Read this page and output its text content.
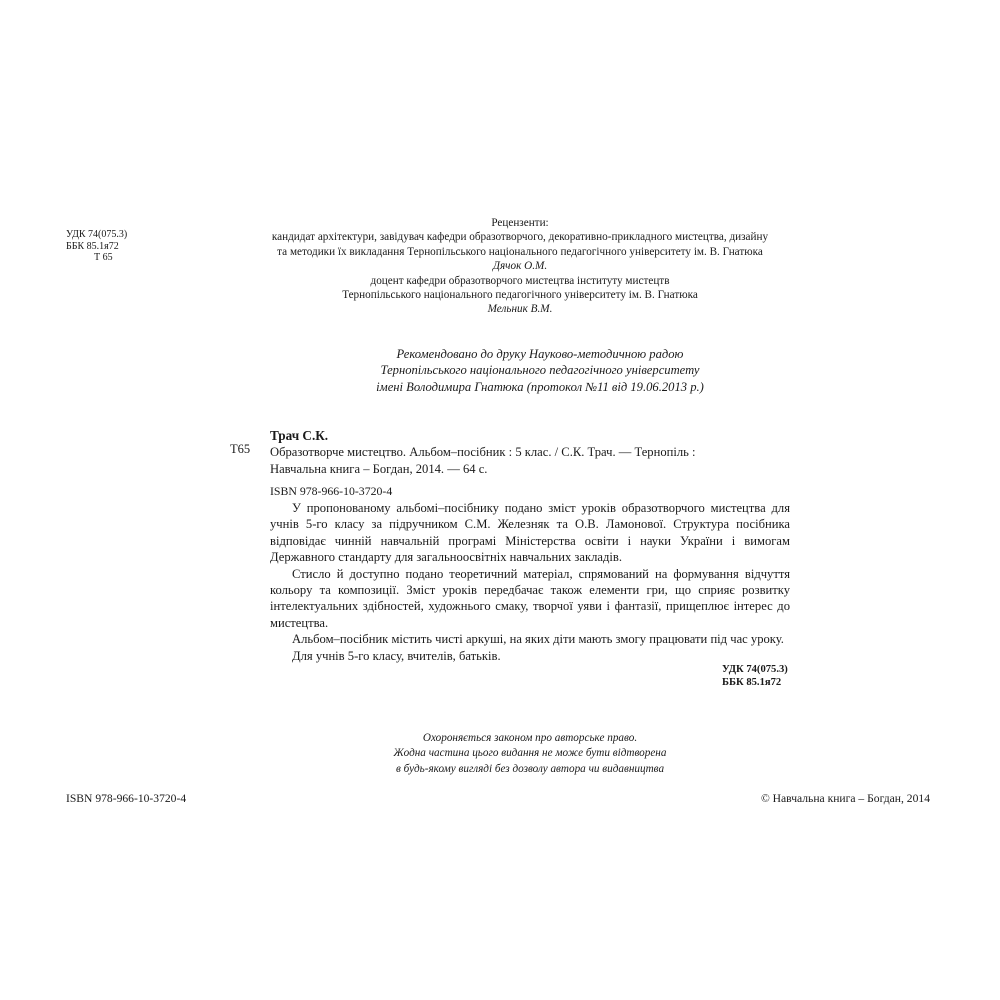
УДК 74(075.3)
ББК 85.1я72
Т 65
Рецензенти:
кандидат архітектури, завідувач кафедри образотворчого, декоративно-прикладного мистецтва, дизайну
та методики їх викладання Тернопільського національного педагогічного університету ім. В. Гнатюка
Дячок О.М.
доцент кафедри образотворчого мистецтва інституту мистецтв
Тернопільського національного педагогічного університету ім. В. Гнатюка
Мельник В.М.
Рекомендовано до друку Науково-методичною радою
Тернопільського національного педагогічного університету
імені Володимира Гнатюка (протокол №11 від 19.06.2013 р.)
Т65
Трач С.К.
Образотворче мистецтво. Альбом–посібник : 5 клас. / С.К. Трач. — Тернопіль :
Навчальна книга – Богдан, 2014. — 64 с.
ISBN 978-966-10-3720-4

У пропонованому альбомі–посібнику подано зміст уроків образотворчого мистецтва для учнів 5-го класу за підручником С.М. Железняк та О.В. Ламонової. Структура посібника відповідає чинній навчальній програмі Міністерства освіти і науки України і вимогам Державного стандарту для загальноосвітніх навчальних закладів.

Стисло й доступно подано теоретичний матеріал, спрямований на формування відчуття кольору та композиції. Зміст уроків передбачає також елементи гри, що сприяє розвитку інтелектуальних здібностей, художнього смаку, творчої уяви і фантазії, прищеплює інтерес до мистецтва.

Альбом–посібник містить чисті аркуші, на яких діти мають змогу працювати під час уроку.

Для учнів 5-го класу, вчителів, батьків.

УДК 74(075.3)
ББК 85.1я72
Охороняється законом про авторське право.
Жодна частина цього видання не може бути відтворена
в будь-якому вигляді без дозволу автора чи видавництва
ISBN 978-966-10-3720-4	© Навчальна книга – Богдан, 2014
